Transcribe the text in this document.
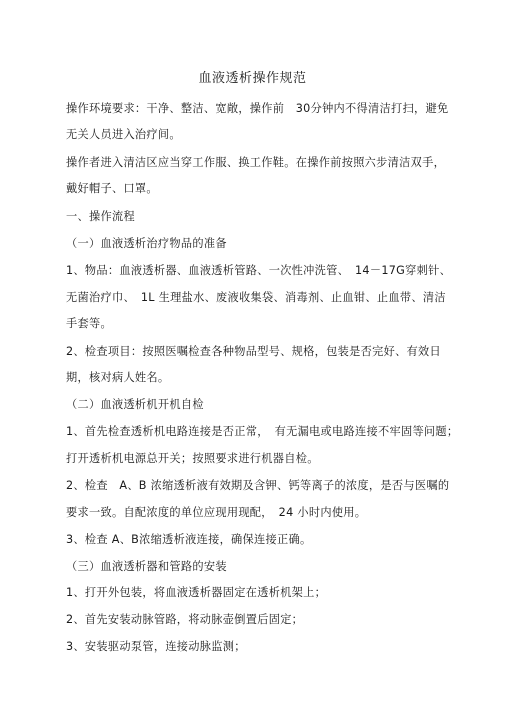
血液透析操作规范
操作环境要求：干净、整洁、宽敞，操作前　30分钟内不得清洁打扫，避免
无关人员进入治疗间。
操作者进入清洁区应当穿工作服、换工作鞋。在操作前按照六步清洁双手，
戴好帽子、口罩。
一、操作流程
（一）血液透析治疗物品的准备
1、物品：血液透析器、血液透析管路、一次性冲洗管、　14－17G穿刺针、
无菌治疗巾、　1L 生理盐水、废液收集袋、消毒剂、止血钳、止血带、清洁
手套等。
2、检查项目：按照医嘱检查各种物品型号、规格，包装是否完好、有效日
期，核对病人姓名。
（二）血液透析机开机自检
1、首先检查透析机电路连接是否正常，　有无漏电或电路连接不牢固等问题；
打开透析机电源总开关；按照要求进行机器自检。
2、检查　A、B 浓缩透析液有效期及含钾、钙等离子的浓度，是否与医嘱的
要求一致。自配浓度的单位应现用现配，　24 小时内使用。
3、检查 A、B浓缩透析液连接，确保连接正确。
（三）血液透析器和管路的安装
1、打开外包装，将血液透析器固定在透析机架上；
2、首先安装动脉管路，将动脉壶倒置后固定；
3、安装驱动泵管，连接动脉监测；
